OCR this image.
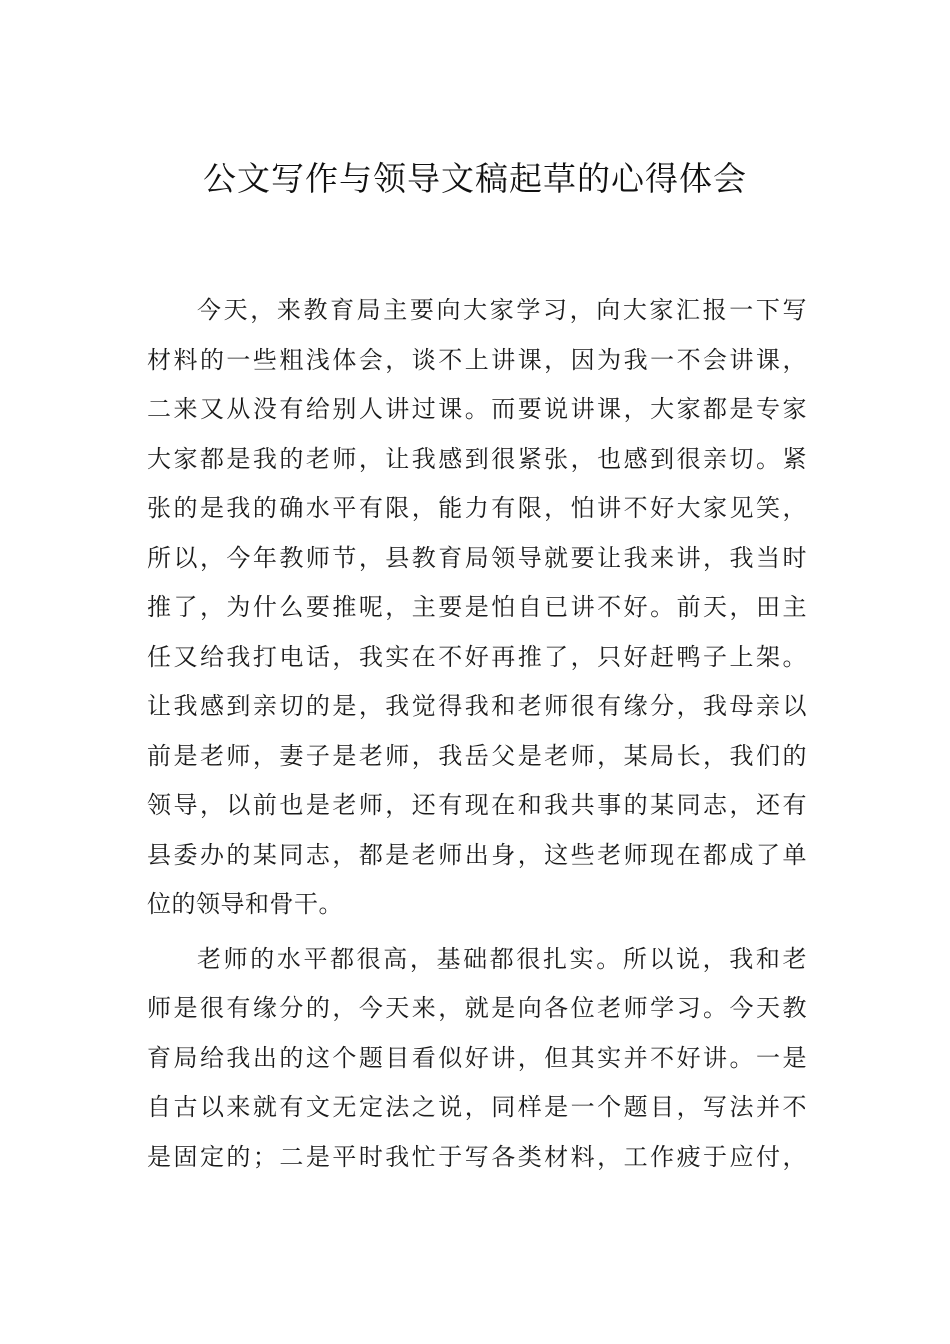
公文写作与领导文稿起草的心得体会
今天，来教育局主要向大家学习，向大家汇报一下写
材料的一些粗浅体会，谈不上讲课，因为我一不会讲课，
二来又从没有给别人讲过课。而要说讲课，大家都是专家
大家都是我的老师，让我感到很紧张，也感到很亲切。紧
张的是我的确水平有限，能力有限，怕讲不好大家见笑，
所以，今年教师节，县教育局领导就要让我来讲，我当时
推了，为什么要推呢，主要是怕自已讲不好。前天，田主
任又给我打电话，我实在不好再推了，只好赶鸭子上架。
让我感到亲切的是，我觉得我和老师很有缘分，我母亲以
前是老师，妻子是老师，我岳父是老师，某局长，我们的
领导，以前也是老师，还有现在和我共事的某同志，还有
县委办的某同志，都是老师出身，这些老师现在都成了单
位的领导和骨干。
老师的水平都很高，基础都很扎实。所以说，我和老
师是很有缘分的，今天来，就是向各位老师学习。今天教
育局给我出的这个题目看似好讲，但其实并不好讲。一是
自古以来就有文无定法之说，同样是一个题目，写法并不
是固定的；二是平时我忙于写各类材料，工作疲于应付，
